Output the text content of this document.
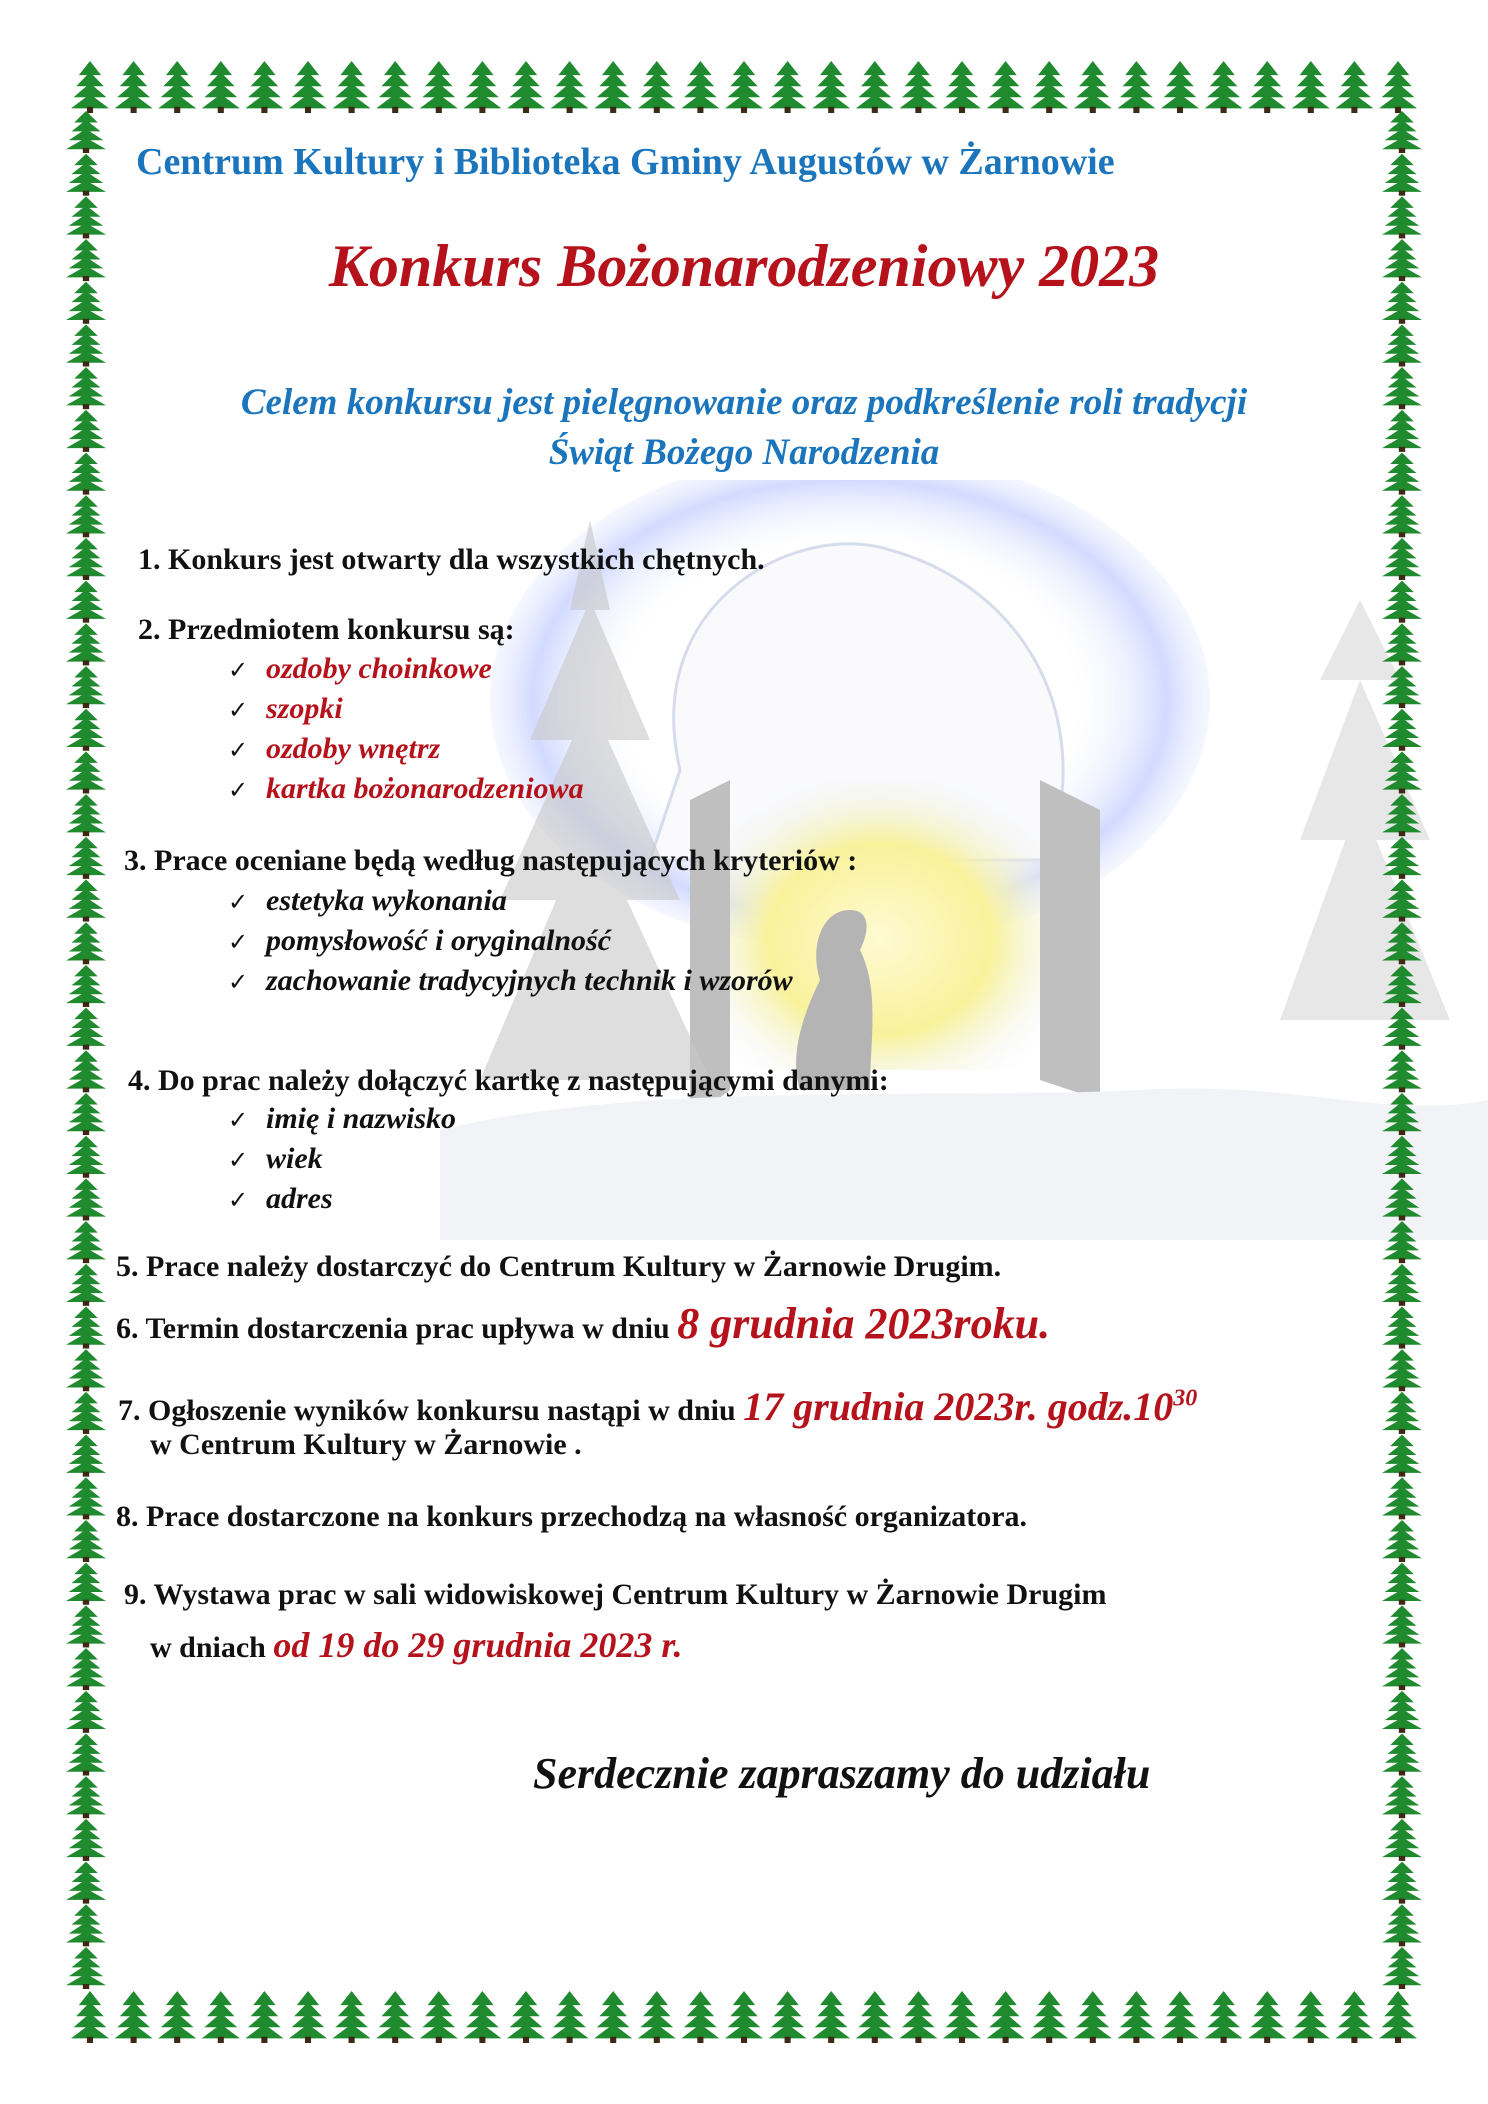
Centrum Kultury i Biblioteka Gminy Augustów w Żarnowie
Konkurs Bożonarodzeniowy 2023
Celem konkursu jest pielęgnowanie oraz podkreślenie roli tradycji
Świąt Bożego Narodzenia
1. Konkurs jest otwarty dla wszystkich chętnych.
2. Przedmiotem konkursu są:
✓ ozdoby choinkowe
✓ szopki
✓ ozdoby wnętrz
✓ kartka bożonarodzeniowa
3. Prace oceniane będą według następujących kryteriów :
✓ estetyka wykonania
✓ pomysłowość i oryginalność
✓ zachowanie tradycyjnych technik i wzorów
4. Do prac należy dołączyć kartkę z następującymi danymi:
✓ imię i nazwisko
✓ wiek
✓ adres
5. Prace należy dostarczyć do Centrum Kultury w Żarnowie Drugim.
6. Termin dostarczenia prac upływa w dniu 8 grudnia 2023roku.
7. Ogłoszenie wyników konkursu nastąpi w dniu 17 grudnia 2023r. $godz.10^{30}$
w Centrum Kultury w Żarnowie .
8. Prace dostarczone na konkurs przechodzą na własność organizatora.
9. Wystawa prac w sali widowiskowej Centrum Kultury w Żarnowie Drugim
w dniach od 19 do 29 grudnia 2023 r.
Serdecznie zapraszamy do udziału
